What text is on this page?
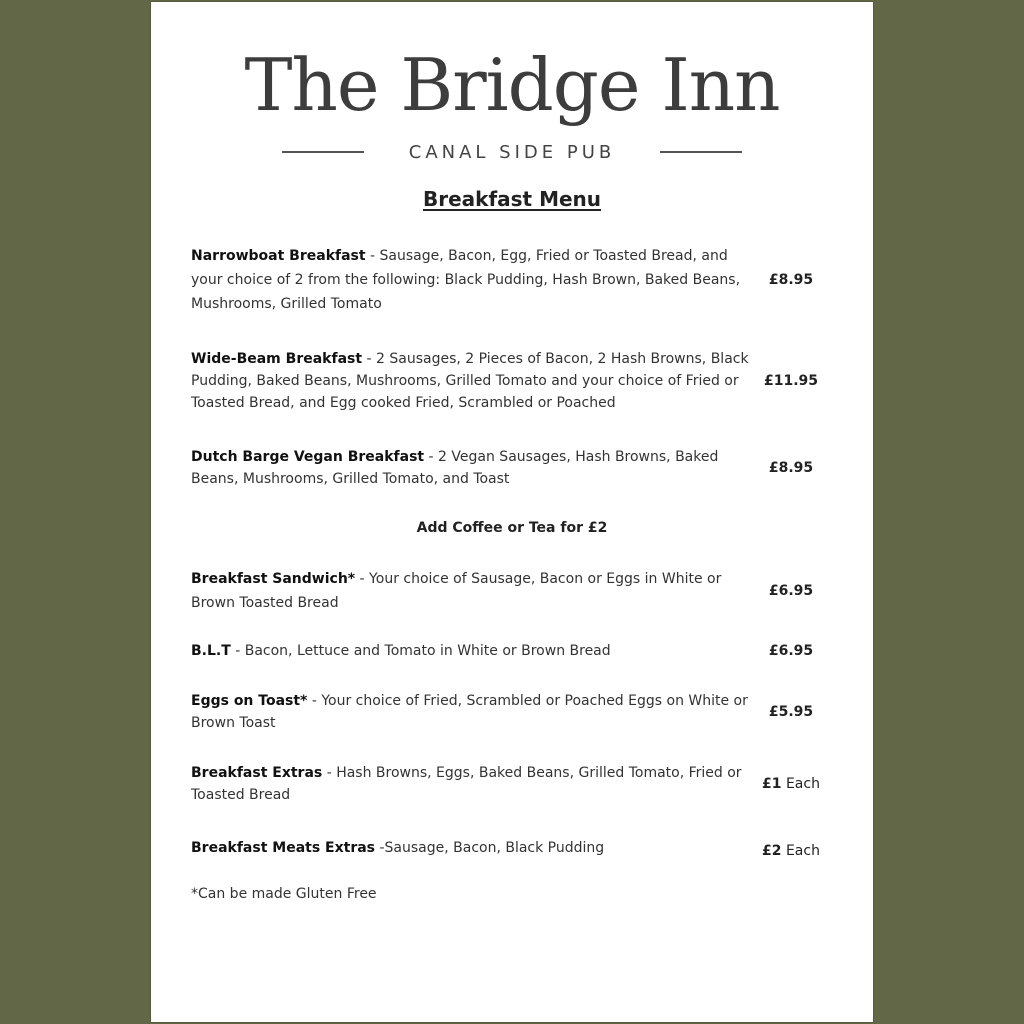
The Bridge Inn
CANAL SIDE PUB
Breakfast Menu
Narrowboat Breakfast - Sausage, Bacon, Egg, Fried or Toasted Bread, and your choice of 2 from the following: Black Pudding, Hash Brown, Baked Beans, Mushrooms, Grilled Tomato
£8.95
Wide-Beam Breakfast - 2 Sausages, 2 Pieces of Bacon, 2 Hash Browns, Black Pudding, Baked Beans, Mushrooms, Grilled Tomato and your choice of Fried or Toasted Bread, and Egg cooked Fried, Scrambled or Poached
£11.95
Dutch Barge Vegan Breakfast - 2 Vegan Sausages, Hash Browns, Baked Beans, Mushrooms, Grilled Tomato, and Toast
£8.95
Add Coffee or Tea for £2
Breakfast Sandwich* - Your choice of Sausage, Bacon or Eggs in White or Brown Toasted Bread
£6.95
B.L.T - Bacon, Lettuce and Tomato in White or Brown Bread	£6.95
Eggs on Toast* - Your choice of Fried, Scrambled or Poached Eggs on White or Brown Toast
£5.95
Breakfast Extras - Hash Browns, Eggs, Baked Beans, Grilled Tomato, Fried or Toasted Bread
£1 Each
Breakfast Meats Extras -Sausage, Bacon, Black Pudding	£2 Each
*Can be made Gluten Free
